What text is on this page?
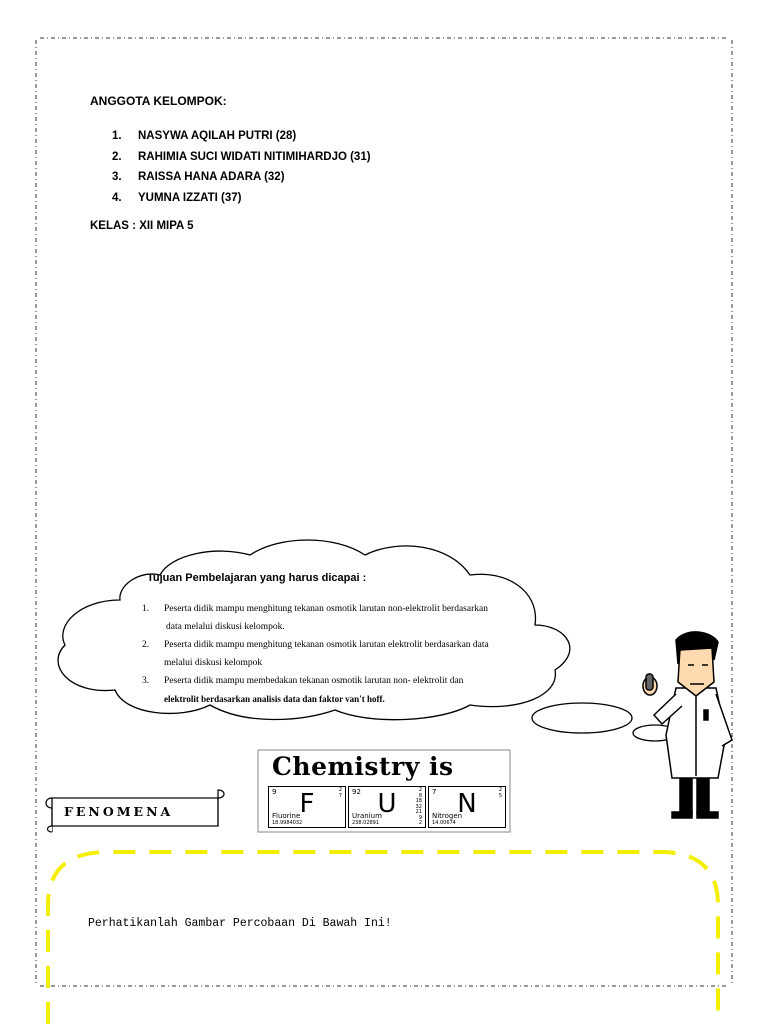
ANGGOTA KELOMPOK:
1. NASYWA AQILAH PUTRI (28)
2. RAHIMIA SUCI WIDATI NITIMIHARDJO (31)
3. RAISSA HANA ADARA (32)
4. YUMNA IZZATI (37)
KELAS : XII MIPA 5
Tujuan Pembelajaran yang harus dicapai :
1. Peserta didik mampu menghitung tekanan osmotik larutan non-elektrolit berdasarkan
data melalui diskusi kelompok.
2. Peserta didik mampu menghitung tekanan osmotik larutan elektrolit berdasarkan data
melalui diskusi kelompok
3. Peserta didik mampu membedakan tekanan osmotik larutan non- elektrolit dan
elektrolit berdasarkan analisis data dan faktor van't hoff.
Chemistry is
9	2
7
F
Fluorine
18.9984032
92	2
8
18
32
21
9
2
U
Uranium
238.02891
7	2
5
N
Nitrogen
14.00674
FENOMENA
Perhatikanlah Gambar Percobaan Di Bawah Ini!
